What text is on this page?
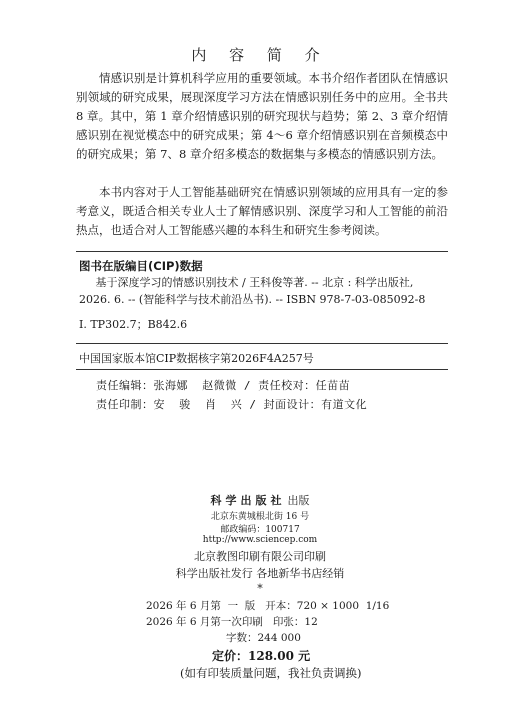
内 容 简 介

情感识别是计算机科学应用的重要领域。本书介绍作者团队在情感识别领域的研究成果，展现深度学习方法在情感识别任务中的应用。全书共 8 章。其中，第 1 章介绍情感识别的研究现状与趋势；第 2、3 章介绍情感识别在视觉模态中的研究成果；第 4～6 章介绍情感识别在音频模态中的研究成果；第 7、8 章介绍多模态的数据集与多模态的情感识别方法。

本书内容对于人工智能基础研究在情感识别领域的应用具有一定的参考意义，既适合相关专业人士了解情感识别、深度学习和人工智能的前沿热点，也适合对人工智能感兴趣的本科生和研究生参考阅读。

图书在版编目(CIP)数据

基于深度学习的情感识别技术 / 王科俊等著. -- 北京 : 科学出版社, 2026. 6. -- (智能科学与技术前沿丛书). -- ISBN 978-7-03-085092-8

Ⅰ. TP302.7；B842.6

中国国家版本馆CIP数据核字第2026F4A257号

责任编辑：张海娜  赵微微 / 责任校对：任苗苗
责任印制：安  骏  肖  兴 / 封面设计：有道文化
科学出版社 出版
北京东黄城根北街 16 号
邮政编码：100717
http://www.sciencep.com
北京教图印刷有限公司印刷
科学出版社发行 各地新华书店经销
*
2026 年 6 月第  一  版   开本：720 × 1000  1/16
2026 年 6 月第一次印刷   印张：12
字数：244 000
定价：128.00 元
(如有印装质量问题，我社负责调换)
